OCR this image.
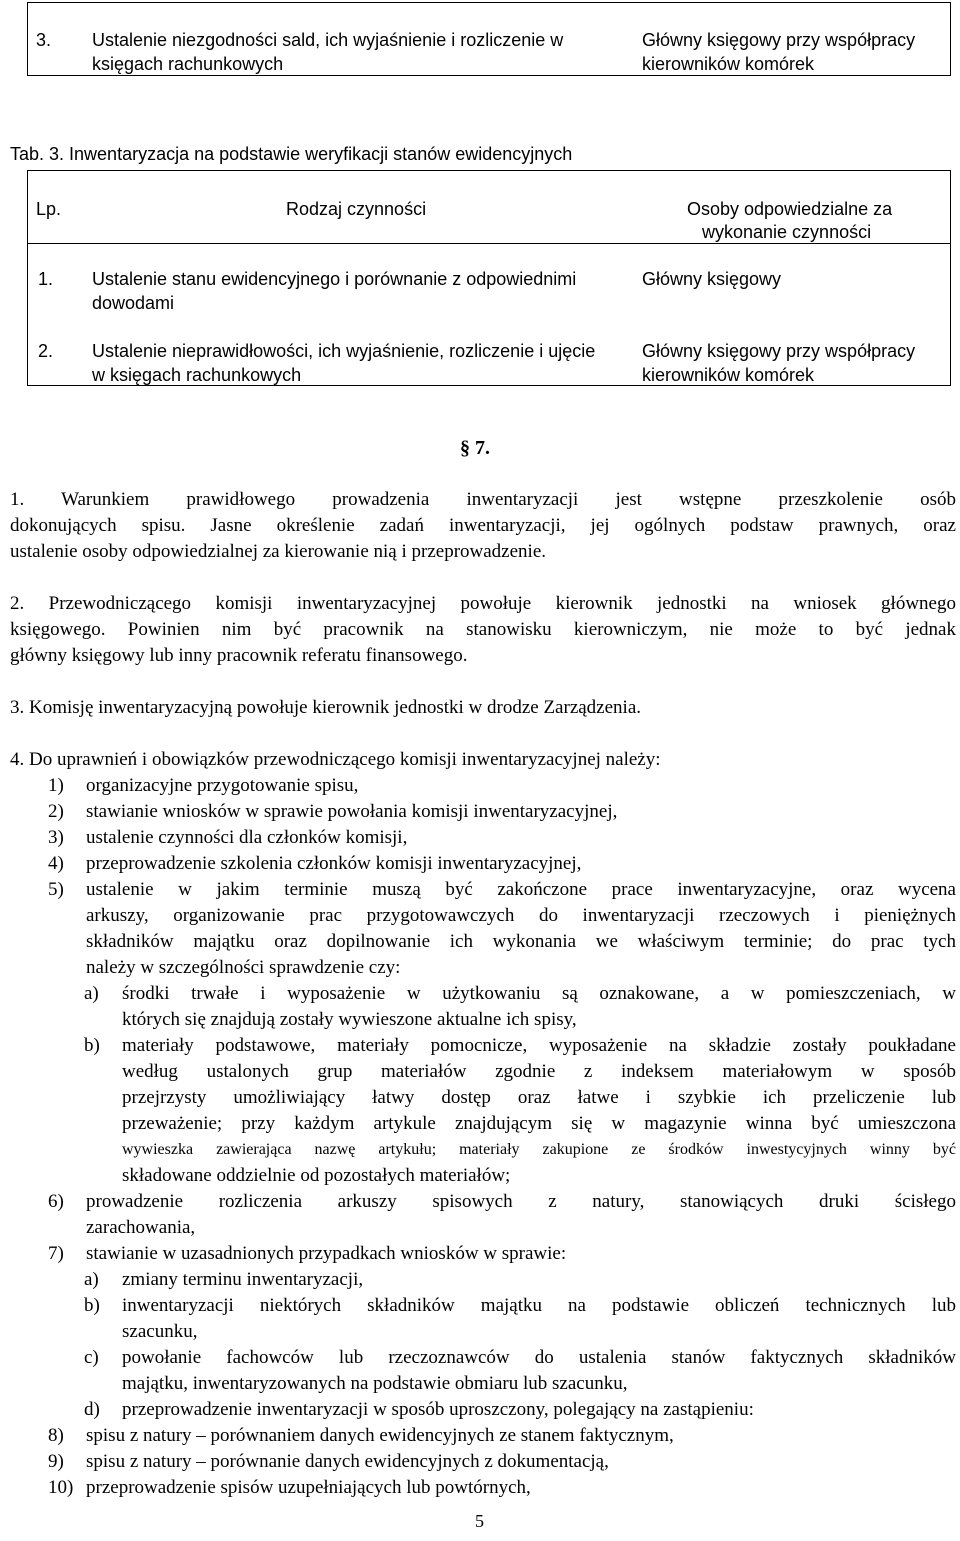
3. Ustalenie niezgodności sald, ich wyjaśnienie i rozliczenie w
księgach rachunkowych
Główny księgowy przy współpracy
kierowników komórek
Tab. 3. Inwentaryzacja na podstawie weryfikacji stanów ewidencyjnych
Lp.	Rodzaj czynności	Osoby odpowiedzialne za
wykonanie czynności
1. Ustalenie stanu ewidencyjnego i porównanie z odpowiednimi
dowodami
Główny księgowy
2. Ustalenie nieprawidłowości, ich wyjaśnienie, rozliczenie i ujęcie
w księgach rachunkowych
Główny księgowy przy współpracy
kierowników komórek
§ 7.
1. Warunkiem prawidłowego prowadzenia inwentaryzacji jest wstępne przeszkolenie osób
dokonujących spisu. Jasne określenie zadań inwentaryzacji, jej ogólnych podstaw prawnych, oraz
ustalenie osoby odpowiedzialnej za kierowanie nią i przeprowadzenie.
2. Przewodniczącego komisji inwentaryzacyjnej powołuje kierownik jednostki na wniosek głównego
księgowego. Powinien nim być pracownik na stanowisku kierowniczym, nie może to być jednak
główny księgowy lub inny pracownik referatu finansowego.
3. Komisję inwentaryzacyjną powołuje kierownik jednostki w drodze Zarządzenia.
4. Do uprawnień i obowiązków przewodniczącego komisji inwentaryzacyjnej należy:
1) organizacyjne przygotowanie spisu,
2) stawianie wniosków w sprawie powołania komisji inwentaryzacyjnej,
3) ustalenie czynności dla członków komisji,
4) przeprowadzenie szkolenia członków komisji inwentaryzacyjnej,
5) ustalenie w jakim terminie muszą być zakończone prace inwentaryzacyjne, oraz wycena
arkuszy, organizowanie prac przygotowawczych do inwentaryzacji rzeczowych i pieniężnych
składników majątku oraz dopilnowanie ich wykonania we właściwym terminie; do prac tych
należy w szczególności sprawdzenie czy:
a) środki trwałe i wyposażenie w użytkowaniu są oznakowane, a w pomieszczeniach, w
których się znajdują zostały wywieszone aktualne ich spisy,
b) materiały podstawowe, materiały pomocnicze, wyposażenie na składzie zostały poukładane
według ustalonych grup materiałów zgodnie z indeksem materiałowym w sposób
przejrzysty umożliwiający łatwy dostęp oraz łatwe i szybkie ich przeliczenie lub
przeważenie; przy każdym artykule znajdującym się w magazynie winna być umieszczona
wywieszka zawierająca nazwę artykułu; materiały zakupione ze środków inwestycyjnych winny być
składowane oddzielnie od pozostałych materiałów;
6) prowadzenie rozliczenia arkuszy spisowych z natury, stanowiących druki ścisłego
zarachowania,
7) stawianie w uzasadnionych przypadkach wniosków w sprawie:
a) zmiany terminu inwentaryzacji,
b) inwentaryzacji niektórych składników majątku na podstawie obliczeń technicznych lub
szacunku,
c) powołanie fachowców lub rzeczoznawców do ustalenia stanów faktycznych składników
majątku, inwentaryzowanych na podstawie obmiaru lub szacunku,
d) przeprowadzenie inwentaryzacji w sposób uproszczony, polegający na zastąpieniu:
8) spisu z natury – porównaniem danych ewidencyjnych ze stanem faktycznym,
9) spisu z natury – porównanie danych ewidencyjnych z dokumentacją,
10) przeprowadzenie spisów uzupełniających lub powtórnych,
5
